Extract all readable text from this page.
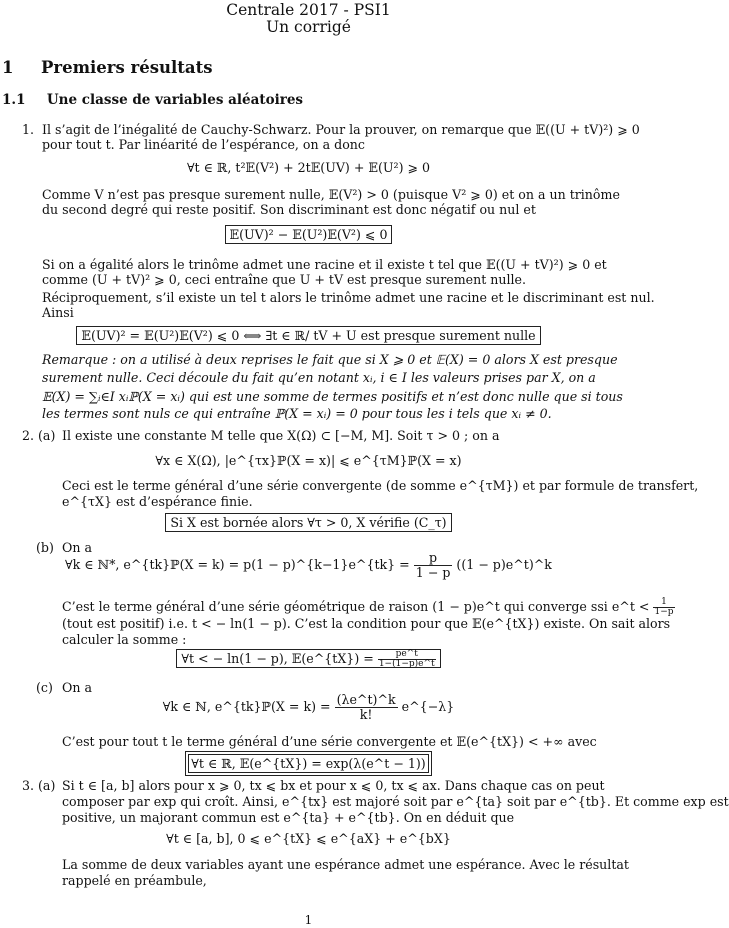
Centrale 2017 - PSI1
Un corrigé
1 Premiers résultats
1.1 Une classe de variables aléatoires
1. Il s’agit de l’inégalité de Cauchy-Schwarz. Pour la prouver, on remarque que 𝔼((U + tV)²) ⩾ 0
pour tout t. Par linéarité de l’espérance, on a donc
∀t ∈ ℝ, t²𝔼(V²) + 2t𝔼(UV) + 𝔼(U²) ⩾ 0
Comme V n’est pas presque surement nulle, 𝔼(V²) > 0 (puisque V² ⩾ 0) et on a un trinôme
du second degré qui reste positif. Son discriminant est donc négatif ou nul et
𝔼(UV)² − 𝔼(U²)𝔼(V²) ⩽ 0
Si on a égalité alors le trinôme admet une racine et il existe t tel que 𝔼((U + tV)²) ⩾ 0 et
comme (U + tV)² ⩾ 0, ceci entraîne que U + tV est presque surement nulle.
Réciproquement, s’il existe un tel t alors le trinôme admet une racine et le discriminant est nul.
Ainsi
𝔼(UV)² = 𝔼(U²)𝔼(V²) ⩽ 0 ⟺ ∃t ∈ ℝ/ tV + U est presque surement nulle
Remarque : on a utilisé à deux reprises le fait que si X ⩾ 0 et 𝔼(X) = 0 alors X est presque
surement nulle. Ceci découle du fait qu’en notant xᵢ, i ∈ I les valeurs prises par X, on a
𝔼(X) = ∑ᵢ∈I xᵢℙ(X = xᵢ) qui est une somme de termes positifs et n’est donc nulle que si tous
les termes sont nuls ce qui entraîne ℙ(X = xᵢ) = 0 pour tous les i tels que xᵢ ≠ 0.
2. (a) Il existe une constante M telle que X(Ω) ⊂ [−M, M]. Soit τ > 0 ; on a
∀x ∈ X(Ω), |e^{τx}ℙ(X = x)| ⩽ e^{τM}ℙ(X = x)
Ceci est le terme général d’une série convergente (de somme e^{τM}) et par formule de transfert,
e^{τX} est d’espérance finie.
Si X est bornée alors ∀τ > 0, X vérifie (C_τ)
(b) On a
∀k ∈ ℕ*, e^{tk}ℙ(X = k) = p(1 − p)^{k−1}e^{tk} = $\frac{p}{1 - p} ((1$ − p)e^t)^k
C’est le terme général d’une série géométrique de raison (1 − p)e^t qui converge ssi e^t < $\frac{1}{1-p}$
(tout est positif) i.e. t < − ln(1 − p). C’est la condition pour que 𝔼(e^{tX}) existe. On sait alors
calculer la somme :
∀t < − ln(1 − p), 𝔼(e^{tX}) = $\frac{pe\^{}t}{1-(1-p)e\^{}t}$
(c) On a
∀k ∈ ℕ, e^{tk}ℙ(X = $k) = \frac{(\lambda e\^{}t)\^{}k}{k!}$ e^{−λ}
C’est pour tout t le terme général d’une série convergente et 𝔼(e^{tX}) < +∞ avec
∀t ∈ ℝ, 𝔼(e^{tX}) = exp(λ(e^t − 1))
3. (a) Si t ∈ [a, b] alors pour x ⩾ 0, tx ⩽ bx et pour x ⩽ 0, tx ⩽ ax. Dans chaque cas on peut
composer par exp qui croît. Ainsi, e^{tx} est majoré soit par e^{ta} soit par e^{tb}. Et comme exp est
positive, un majorant commun est e^{ta} + e^{tb}. On en déduit que
∀t ∈ [a, b], 0 ⩽ e^{tX} ⩽ e^{aX} + e^{bX}
La somme de deux variables ayant une espérance admet une espérance. Avec le résultat
rappelé en préambule,
1
